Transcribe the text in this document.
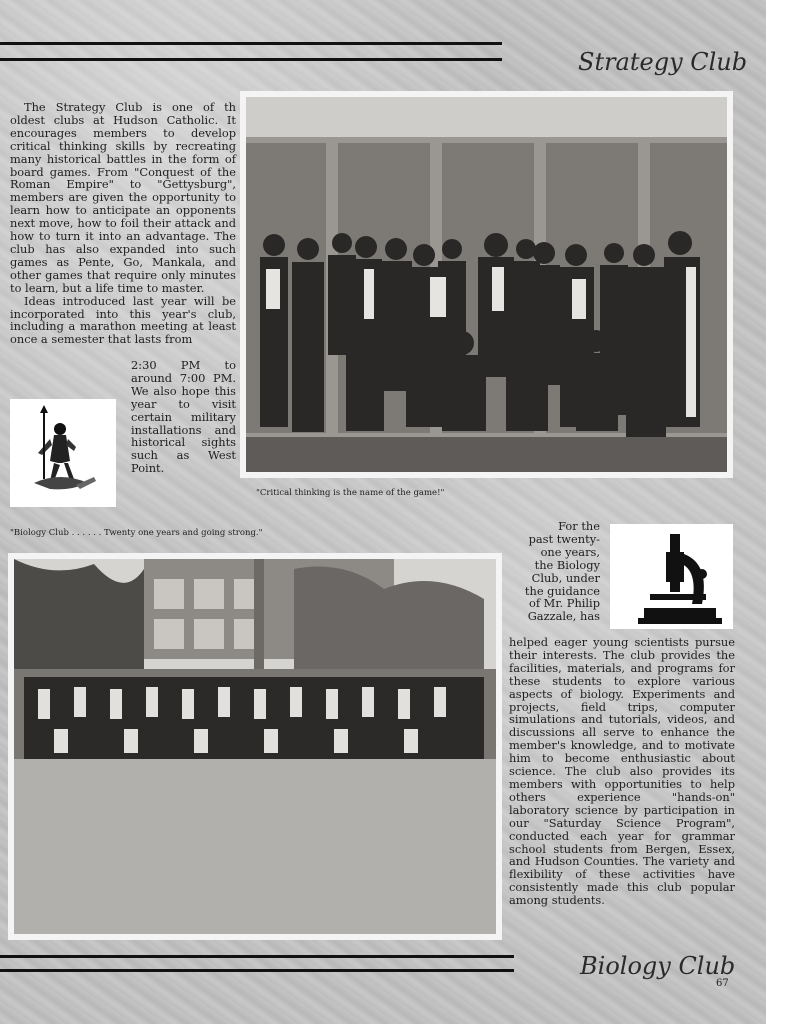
Strategy Club

The Strategy Club is one of th oldest clubs at Hudson Catholic. It encourages members to develop critical thinking skills by recreating many historical battles in the form of board games. From "Conquest of the Roman Empire" to "Gettysburg", members are given the opportunity to learn how to anticipate an opponents next move, how to foil their attack and how to turn it into an advantage. The club has also expanded into such games as Pente, Go, Mankala, and other games that require only minutes to learn, but a life time to master.

Ideas introduced last year will be incorporated into this year's club, including a marathon meeting at least once a semester that lasts from

2:30 PM to around 7:00 PM. We also hope this year to visit certain military installations and historical sights such as West Point.

"Critical thinking is the name of the game!"
"Biology Club . . . . . . Twenty one years and going strong."	For the past twenty-one years, the Biology Club, under the guidance of Mr. Philip Gazzale, has

helped eager young scientists pursue their interests. The club provides the facilities, materials, and programs for these students to explore various aspects of biology. Experiments and projects, field trips, computer simulations and tutorials, videos, and discussions all serve to enhance the member's knowledge, and to motivate him to become enthusiastic about science. The club also provides its members with opportunities to help others experience "hands-on" laboratory science by participation in our "Saturday Science Program", conducted each year for grammar school students from Bergen, Essex, and Hudson Counties. The variety and flexibility of these activities have consistently made this club popular among students.

Biology Club
67
